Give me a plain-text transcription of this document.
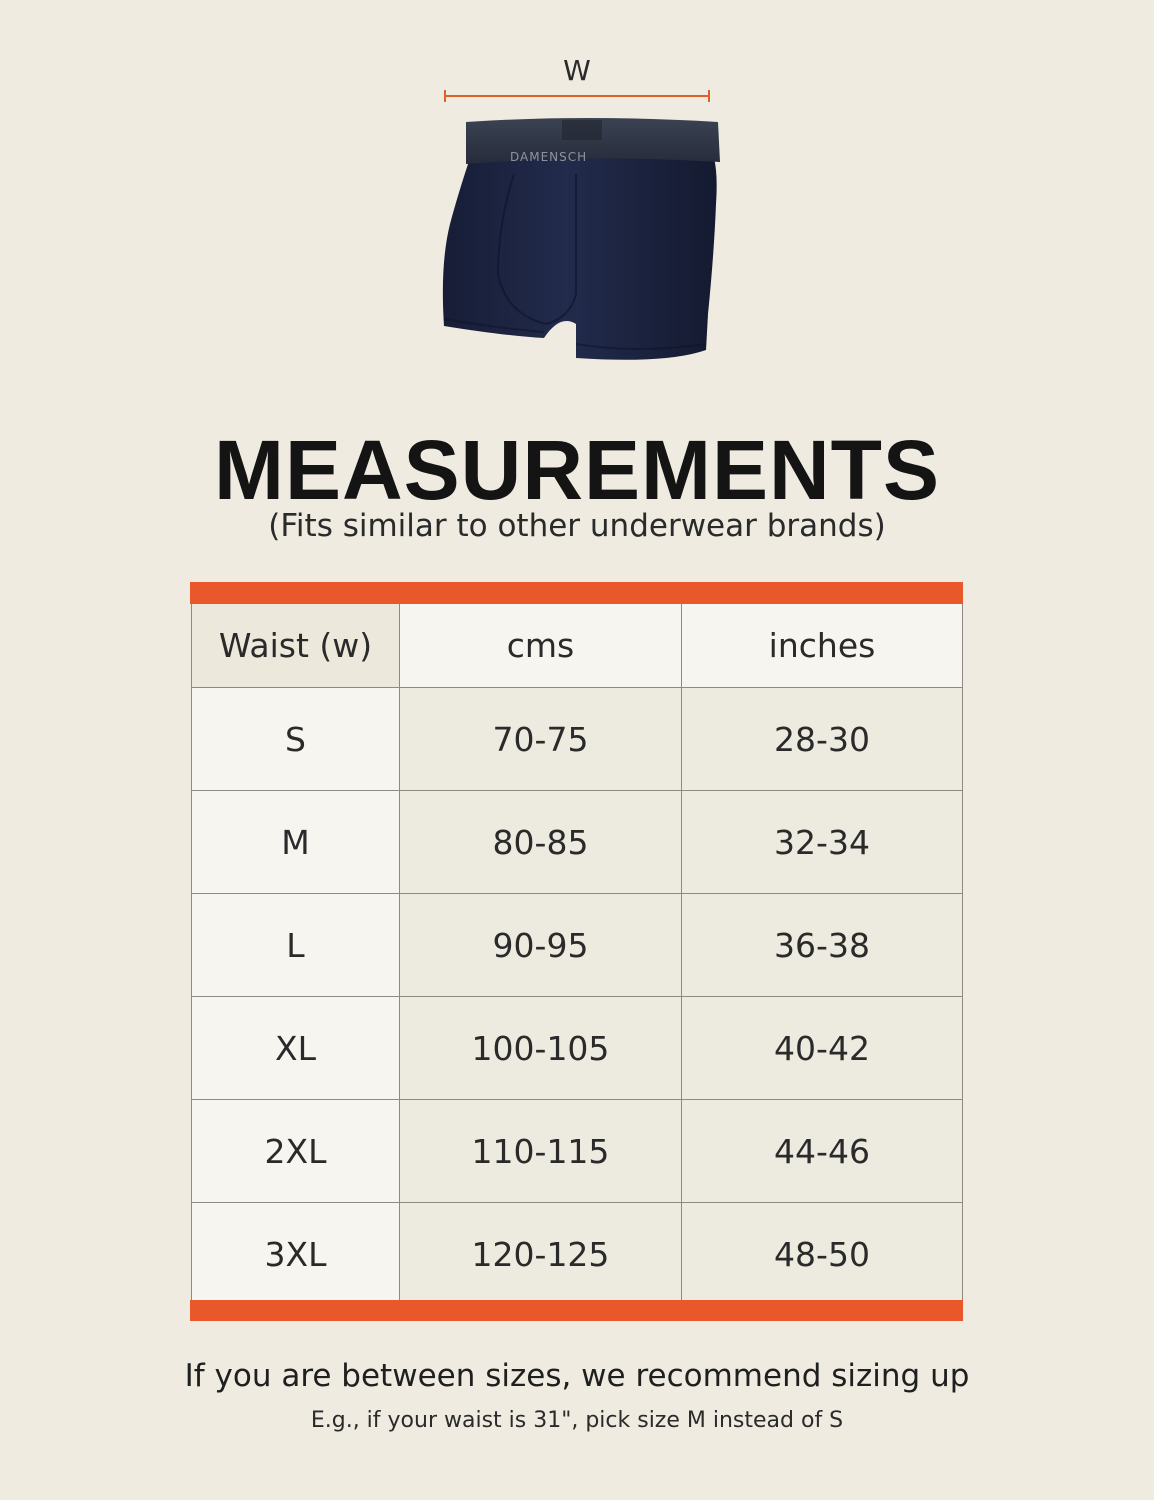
W
DAMENSCH
MEASUREMENTS
(Fits similar to other underwear brands)
Waist (w)	cms	inches
S	70-75	28-30
M	80-85	32-34
L	90-95	36-38
XL	100-105	40-42
2XL	110-115	44-46
3XL	120-125	48-50
If you are between sizes, we recommend sizing up
E.g., if your waist is 31", pick size M instead of S
